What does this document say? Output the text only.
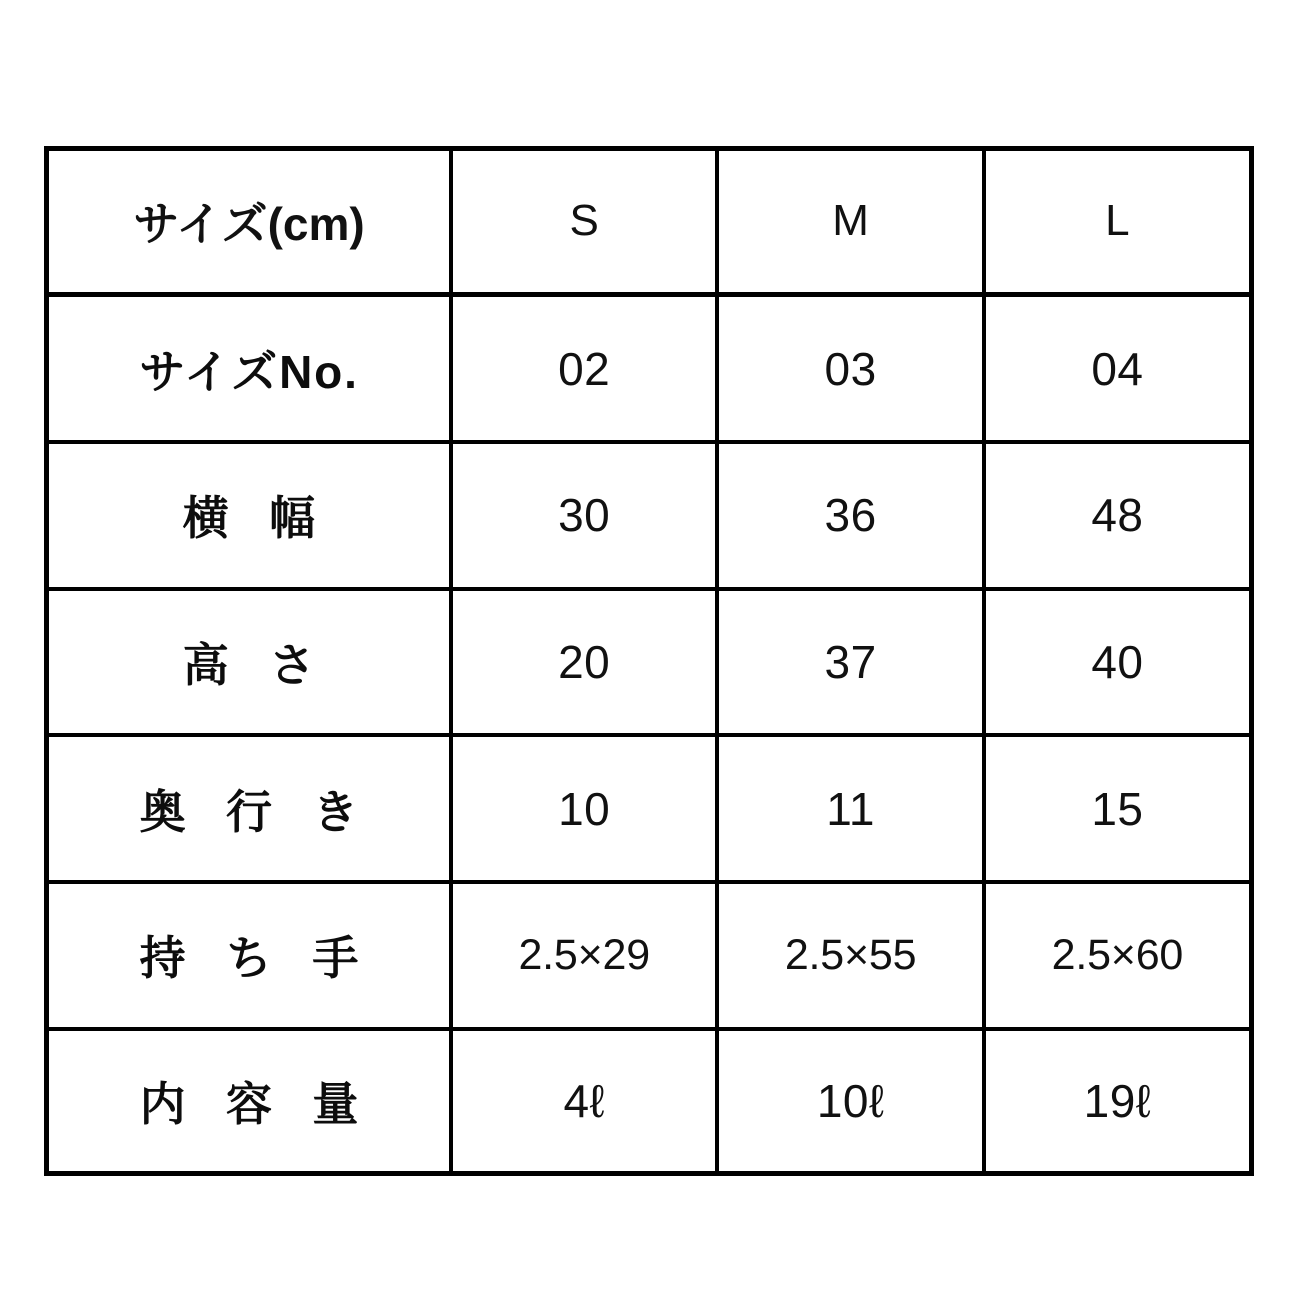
サイズ(cm)	S	M	L
サイズNo.	02	03	04
横 幅	30	36	48
高 さ	20	37	40
奥 行 き	10	11	15
持 ち 手	2.5×29	2.5×55	2.5×60
内 容 量	4ℓ	10ℓ	19ℓ
